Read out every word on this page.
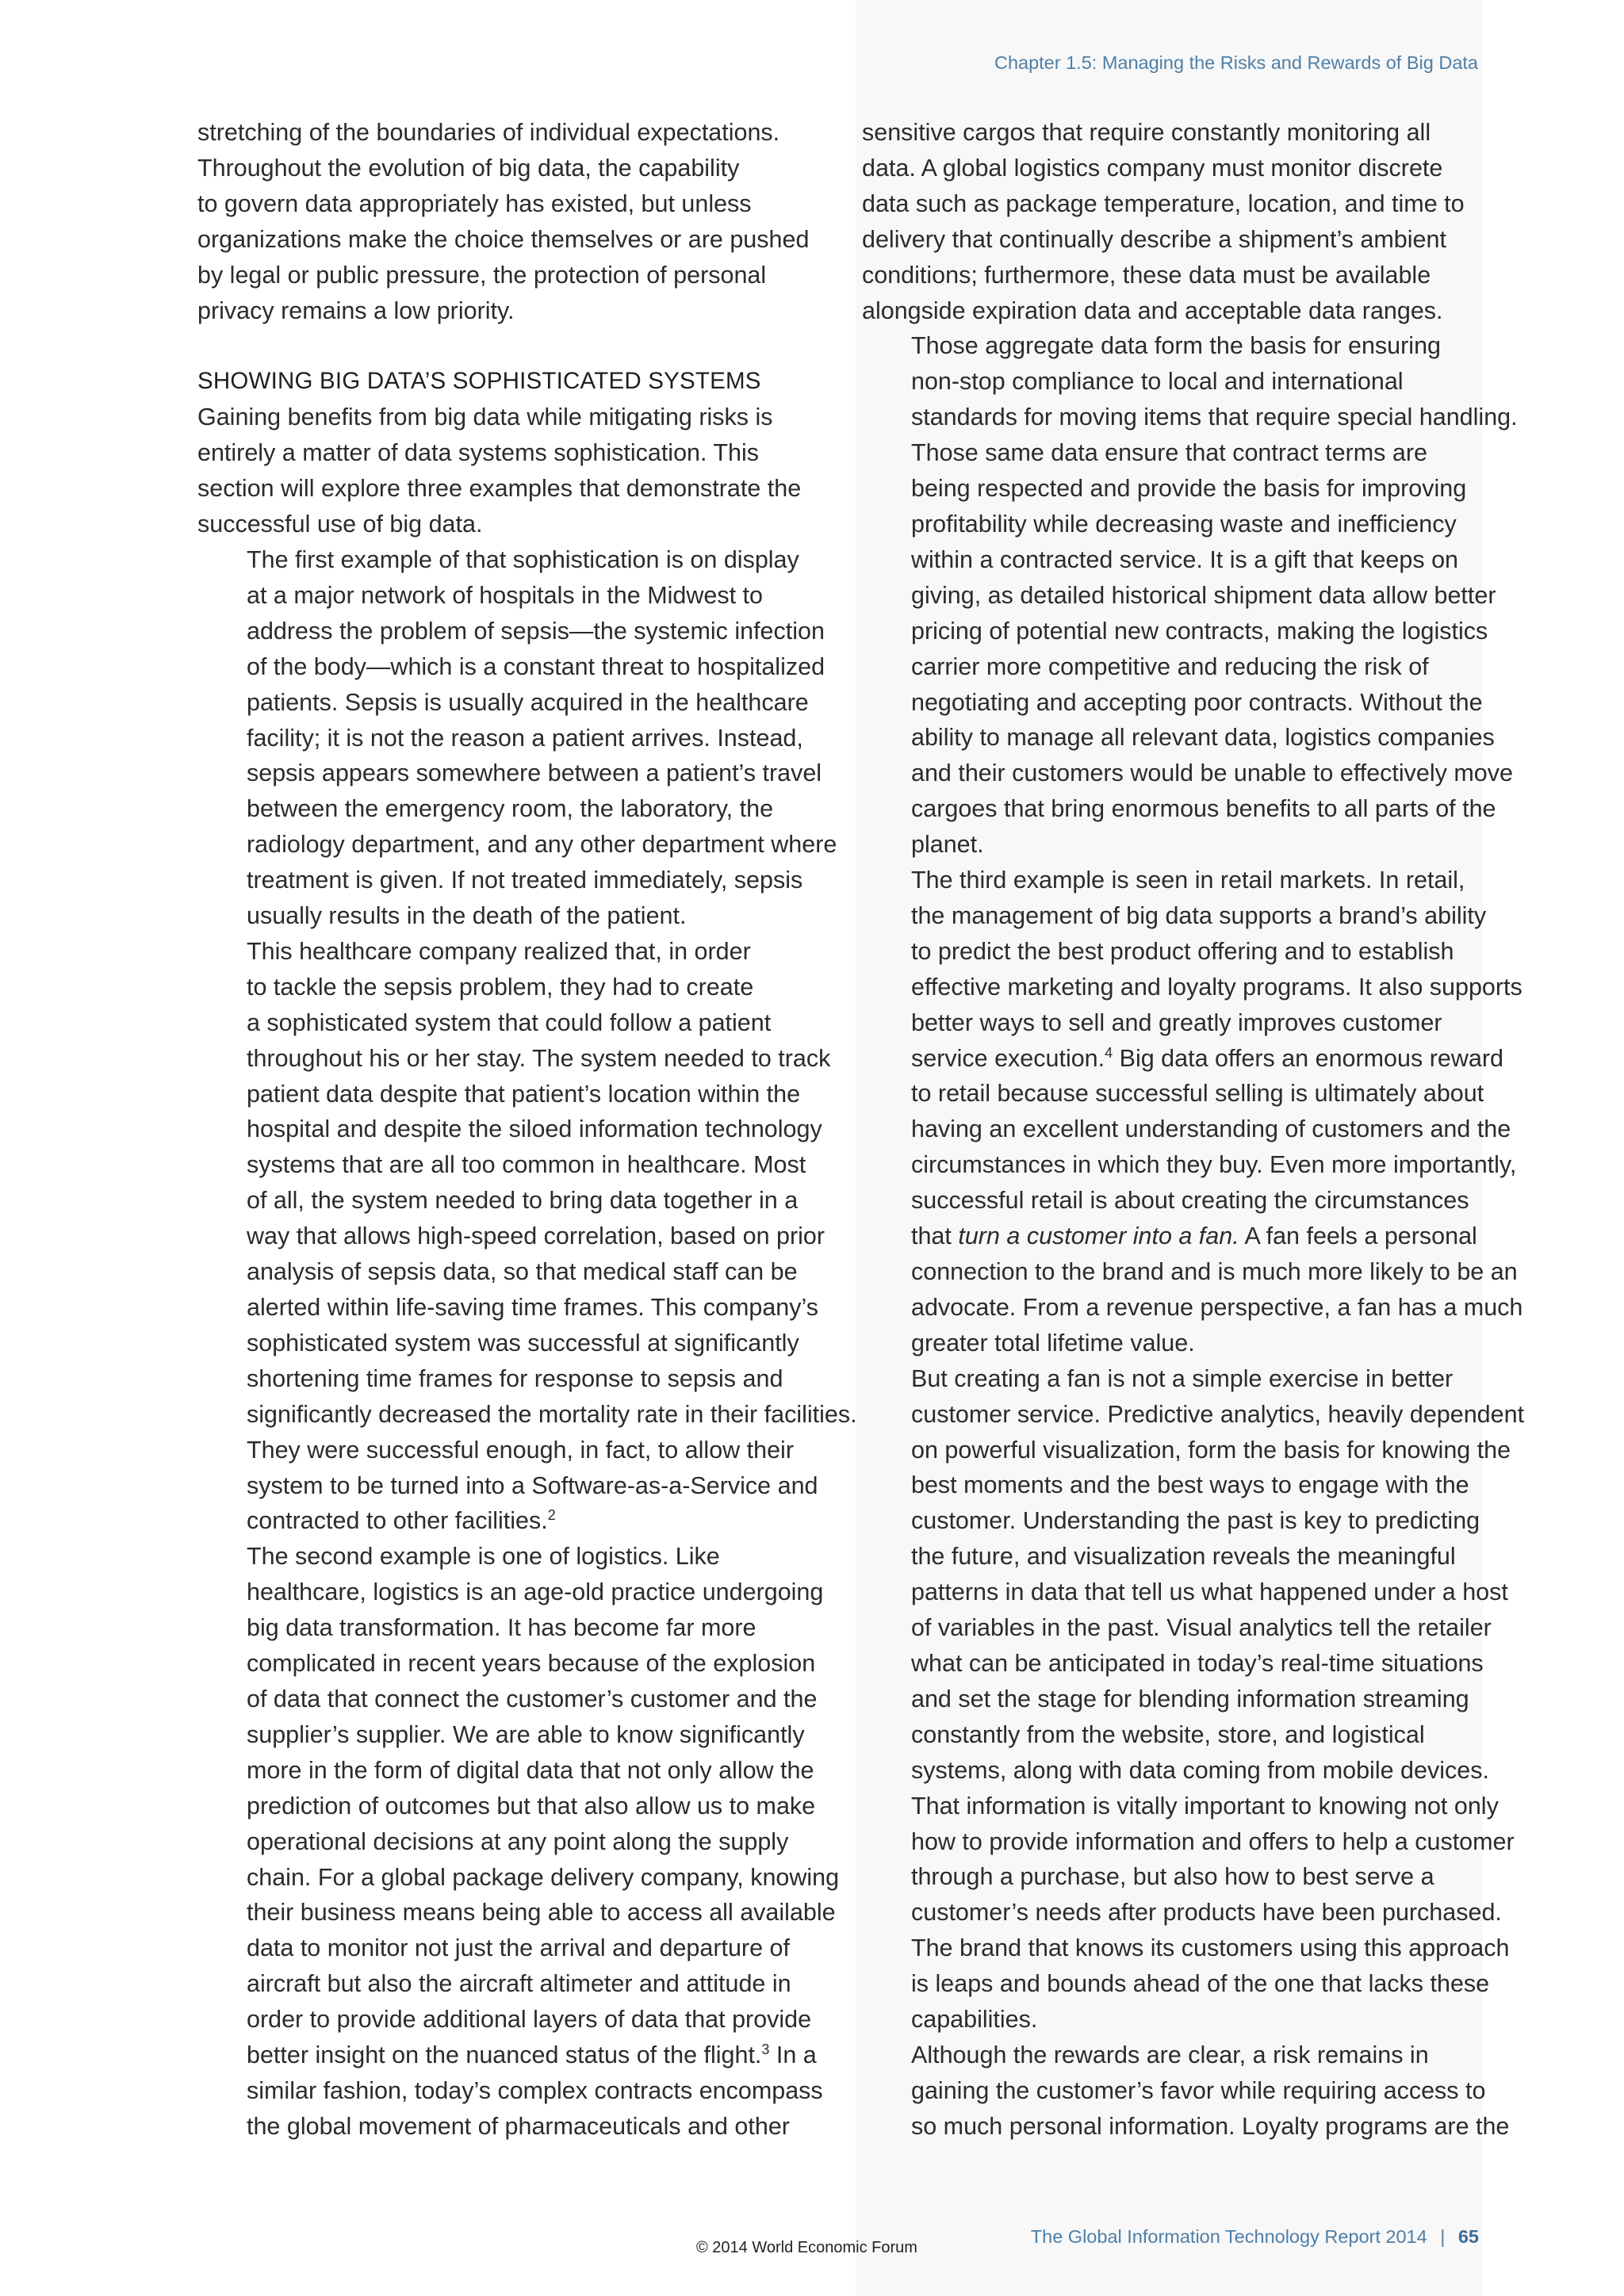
Chapter 1.5: Managing the Risks and Rewards of Big Data

stretching of the boundaries of individual expectations.
Throughout the evolution of big data, the capability
to govern data appropriately has existed, but unless
organizations make the choice themselves or are pushed
by legal or public pressure, the protection of personal
privacy remains a low priority.

SHOWING BIG DATA’S SOPHISTICATED SYSTEMS

Gaining benefits from big data while mitigating risks is
entirely a matter of data systems sophistication. This
section will explore three examples that demonstrate the
successful use of big data.

The first example of that sophistication is on display
at a major network of hospitals in the Midwest to
address the problem of sepsis—the systemic infection
of the body—which is a constant threat to hospitalized
patients. Sepsis is usually acquired in the healthcare
facility; it is not the reason a patient arrives. Instead,
sepsis appears somewhere between a patient’s travel
between the emergency room, the laboratory, the
radiology department, and any other department where
treatment is given. If not treated immediately, sepsis
usually results in the death of the patient.

This healthcare company realized that, in order
to tackle the sepsis problem, they had to create
a sophisticated system that could follow a patient
throughout his or her stay. The system needed to track
patient data despite that patient’s location within the
hospital and despite the siloed information technology
systems that are all too common in healthcare. Most
of all, the system needed to bring data together in a
way that allows high-speed correlation, based on prior
analysis of sepsis data, so that medical staff can be
alerted within life-saving time frames. This company’s
sophisticated system was successful at significantly
shortening time frames for response to sepsis and
significantly decreased the mortality rate in their facilities.
They were successful enough, in fact, to allow their
system to be turned into a Software-as-a-Service and
contracted to other facilities.$^2$

The second example is one of logistics. Like
healthcare, logistics is an age-old practice undergoing
big data transformation. It has become far more
complicated in recent years because of the explosion
of data that connect the customer’s customer and the
supplier’s supplier. We are able to know significantly
more in the form of digital data that not only allow the
prediction of outcomes but that also allow us to make
operational decisions at any point along the supply
chain. For a global package delivery company, knowing
their business means being able to access all available
data to monitor not just the arrival and departure of
aircraft but also the aircraft altimeter and attitude in
order to provide additional layers of data that provide
better insight on the nuanced status of the flight.$^3$ In a
similar fashion, today’s complex contracts encompass
the global movement of pharmaceuticals and other

sensitive cargos that require constantly monitoring all
data. A global logistics company must monitor discrete
data such as package temperature, location, and time to
delivery that continually describe a shipment’s ambient
conditions; furthermore, these data must be available
alongside expiration data and acceptable data ranges.

Those aggregate data form the basis for ensuring
non-stop compliance to local and international
standards for moving items that require special handling.
Those same data ensure that contract terms are
being respected and provide the basis for improving
profitability while decreasing waste and inefficiency
within a contracted service. It is a gift that keeps on
giving, as detailed historical shipment data allow better
pricing of potential new contracts, making the logistics
carrier more competitive and reducing the risk of
negotiating and accepting poor contracts. Without the
ability to manage all relevant data, logistics companies
and their customers would be unable to effectively move
cargoes that bring enormous benefits to all parts of the
planet.

The third example is seen in retail markets. In retail,
the management of big data supports a brand’s ability
to predict the best product offering and to establish
effective marketing and loyalty programs. It also supports
better ways to sell and greatly improves customer
service execution.$^4$ Big data offers an enormous reward
to retail because successful selling is ultimately about
having an excellent understanding of customers and the
circumstances in which they buy. Even more importantly,
successful retail is about creating the circumstances
that turn a customer into a fan. A fan feels a personal
connection to the brand and is much more likely to be an
advocate. From a revenue perspective, a fan has a much
greater total lifetime value.

But creating a fan is not a simple exercise in better
customer service. Predictive analytics, heavily dependent
on powerful visualization, form the basis for knowing the
best moments and the best ways to engage with the
customer. Understanding the past is key to predicting
the future, and visualization reveals the meaningful
patterns in data that tell us what happened under a host
of variables in the past. Visual analytics tell the retailer
what can be anticipated in today’s real-time situations
and set the stage for blending information streaming
constantly from the website, store, and logistical
systems, along with data coming from mobile devices.
That information is vitally important to knowing not only
how to provide information and offers to help a customer
through a purchase, but also how to best serve a
customer’s needs after products have been purchased.
The brand that knows its customers using this approach
is leaps and bounds ahead of the one that lacks these
capabilities.

Although the rewards are clear, a risk remains in
gaining the customer’s favor while requiring access to
so much personal information. Loyalty programs are the

© 2014 World Economic Forum
The Global Information Technology Report 2014 | 65
